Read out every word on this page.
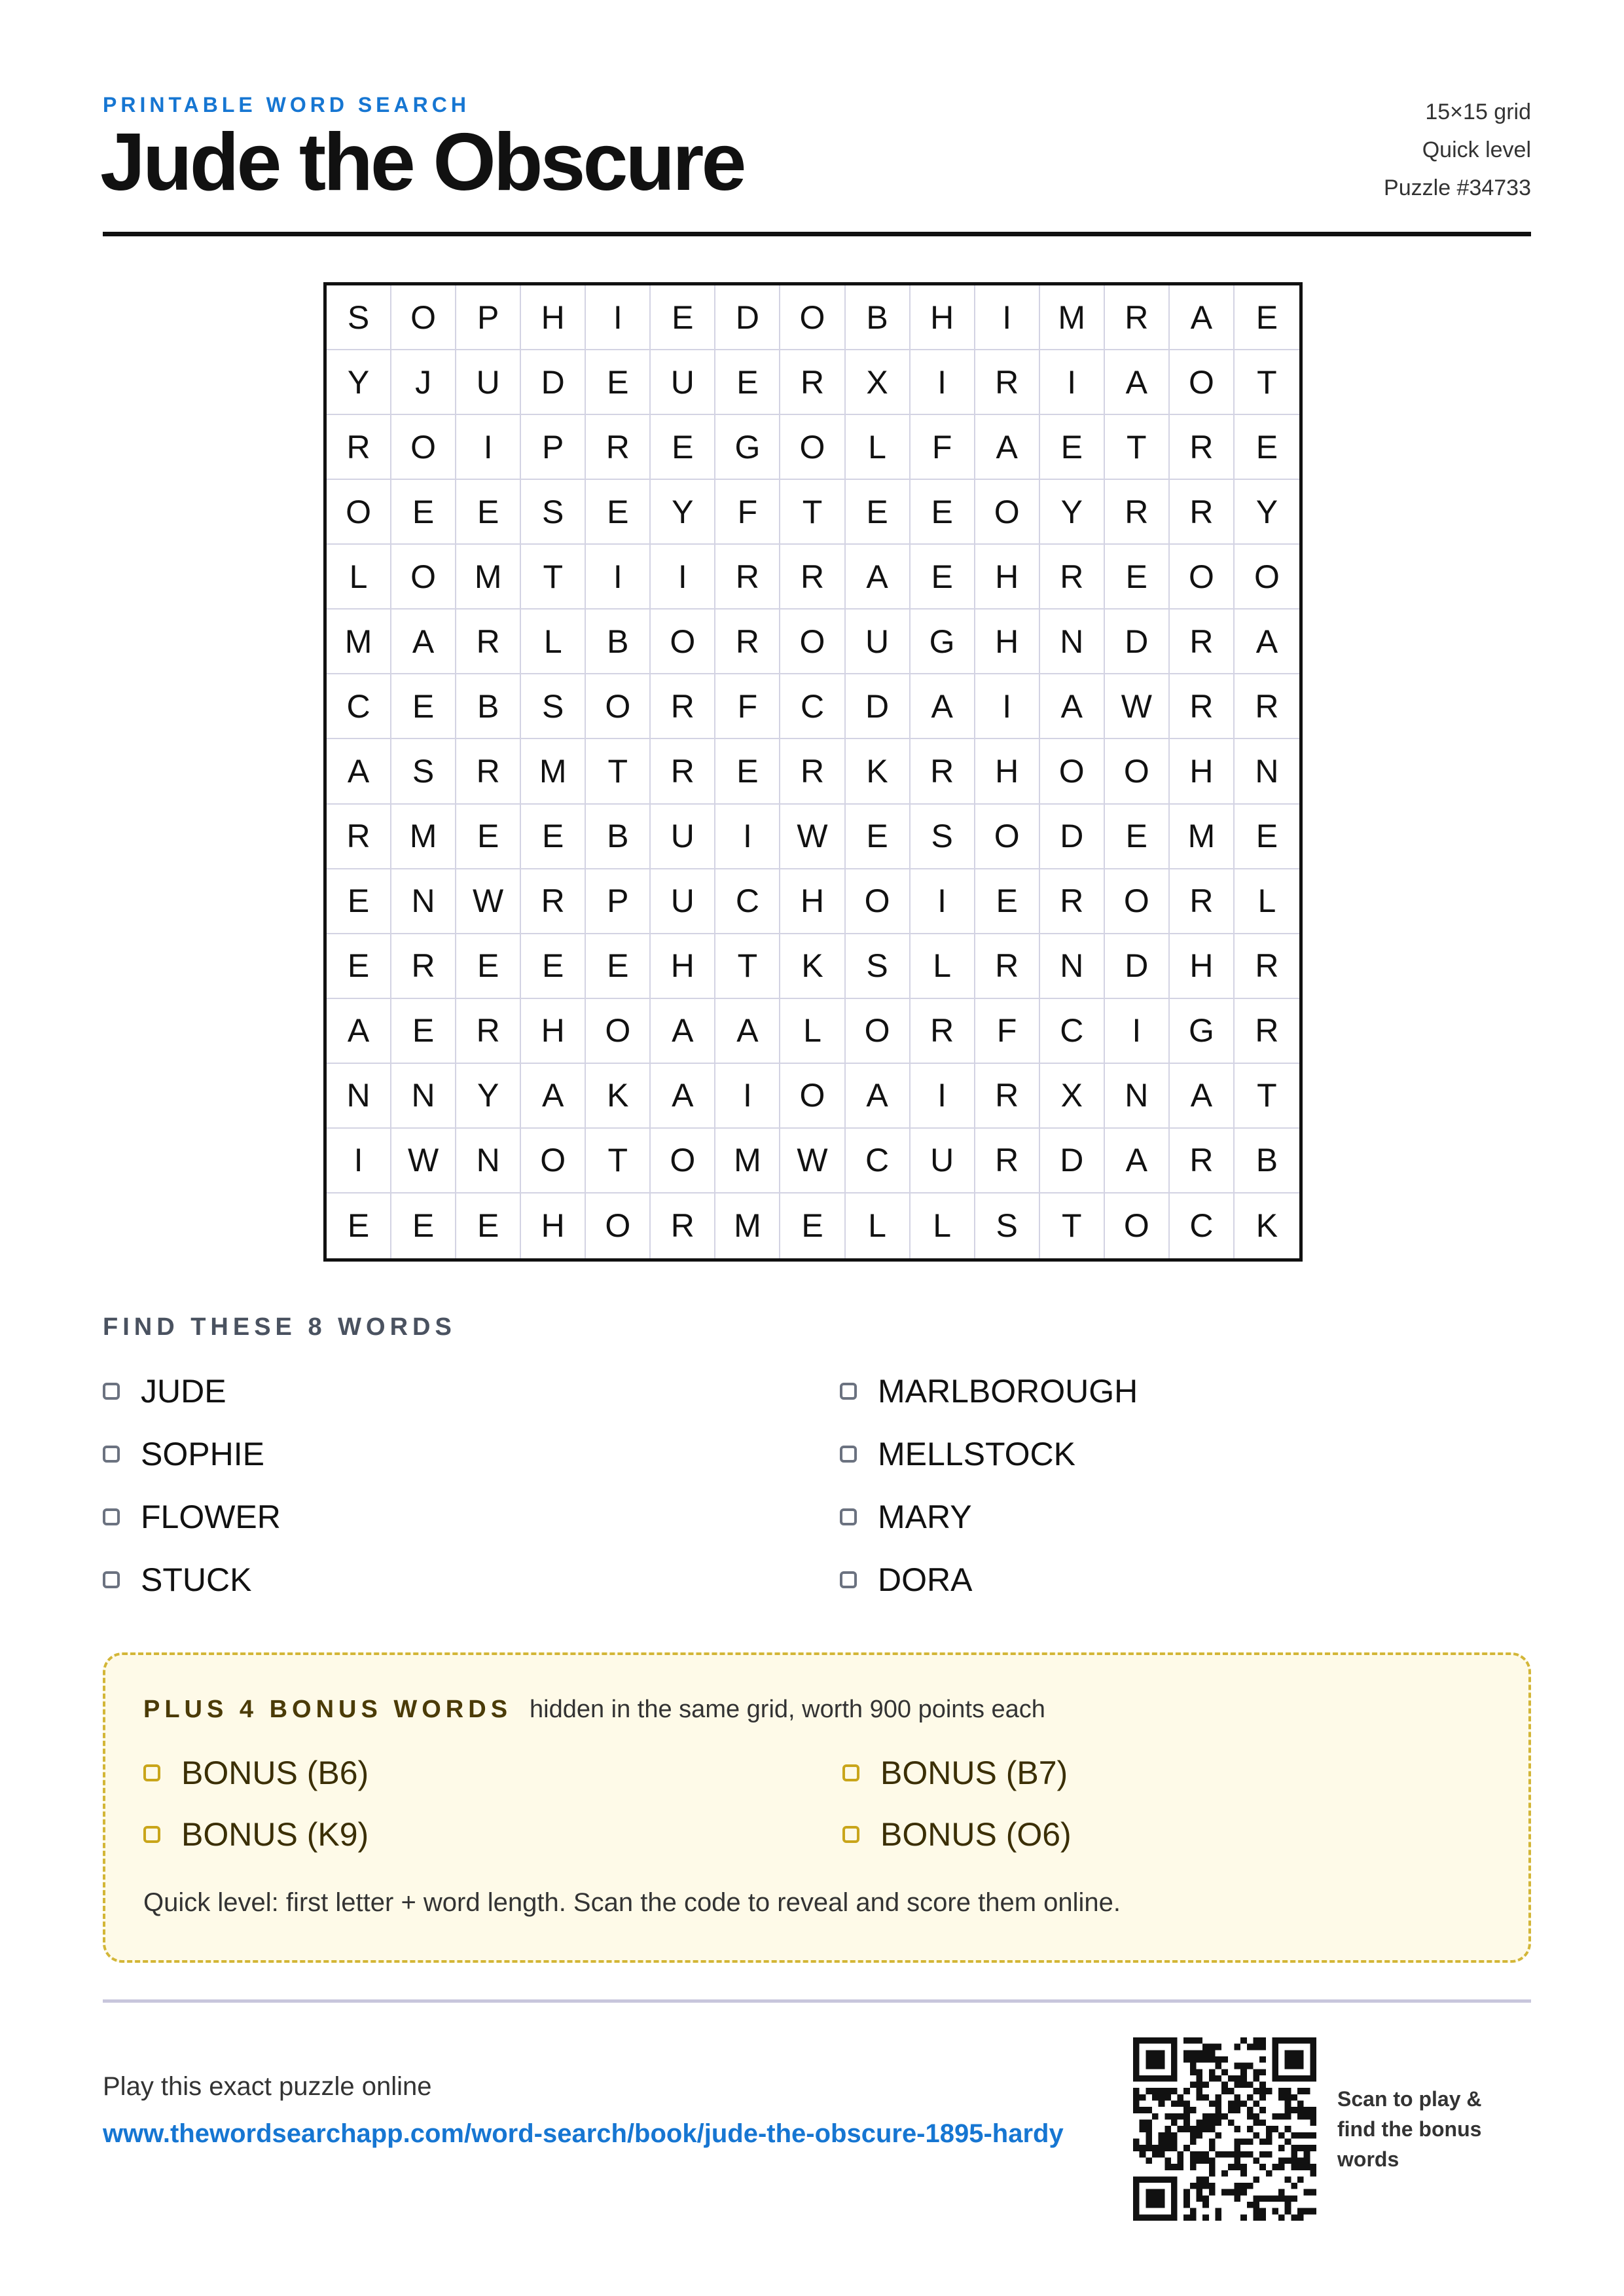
PRINTABLE WORD SEARCH
Jude the Obscure
15×15 grid
Quick level
Puzzle #34733
S	O	P	H	I	E	D	O	B	H	I	M	R	A	E
Y	J	U	D	E	U	E	R	X	I	R	I	A	O	T
R	O	I	P	R	E	G	O	L	F	A	E	T	R	E
O	E	E	S	E	Y	F	T	E	E	O	Y	R	R	Y
L	O	M	T	I	I	R	R	A	E	H	R	E	O	O
M	A	R	L	B	O	R	O	U	G	H	N	D	R	A
C	E	B	S	O	R	F	C	D	A	I	A	W	R	R
A	S	R	M	T	R	E	R	K	R	H	O	O	H	N
R	M	E	E	B	U	I	W	E	S	O	D	E	M	E
E	N	W	R	P	U	C	H	O	I	E	R	O	R	L
E	R	E	E	E	H	T	K	S	L	R	N	D	H	R
A	E	R	H	O	A	A	L	O	R	F	C	I	G	R
N	N	Y	A	K	A	I	O	A	I	R	X	N	A	T
I	W	N	O	T	O	M	W	C	U	R	D	A	R	B
E	E	E	H	O	R	M	E	L	L	S	T	O	C	K
FIND THESE 8 WORDS
JUDE
SOPHIE
FLOWER
STUCK
MARLBOROUGH
MELLSTOCK
MARY
DORA
PLUS 4 BONUS WORDS hidden in the same grid, worth 900 points each
BONUS (B6)
BONUS (K9)
BONUS (B7)
BONUS (O6)
Quick level: first letter + word length. Scan the code to reveal and score them online.
Play this exact puzzle online
www.thewordsearchapp.com/word-search/book/jude-the-obscure-1895-hardy
Scan to play & find the bonus words
